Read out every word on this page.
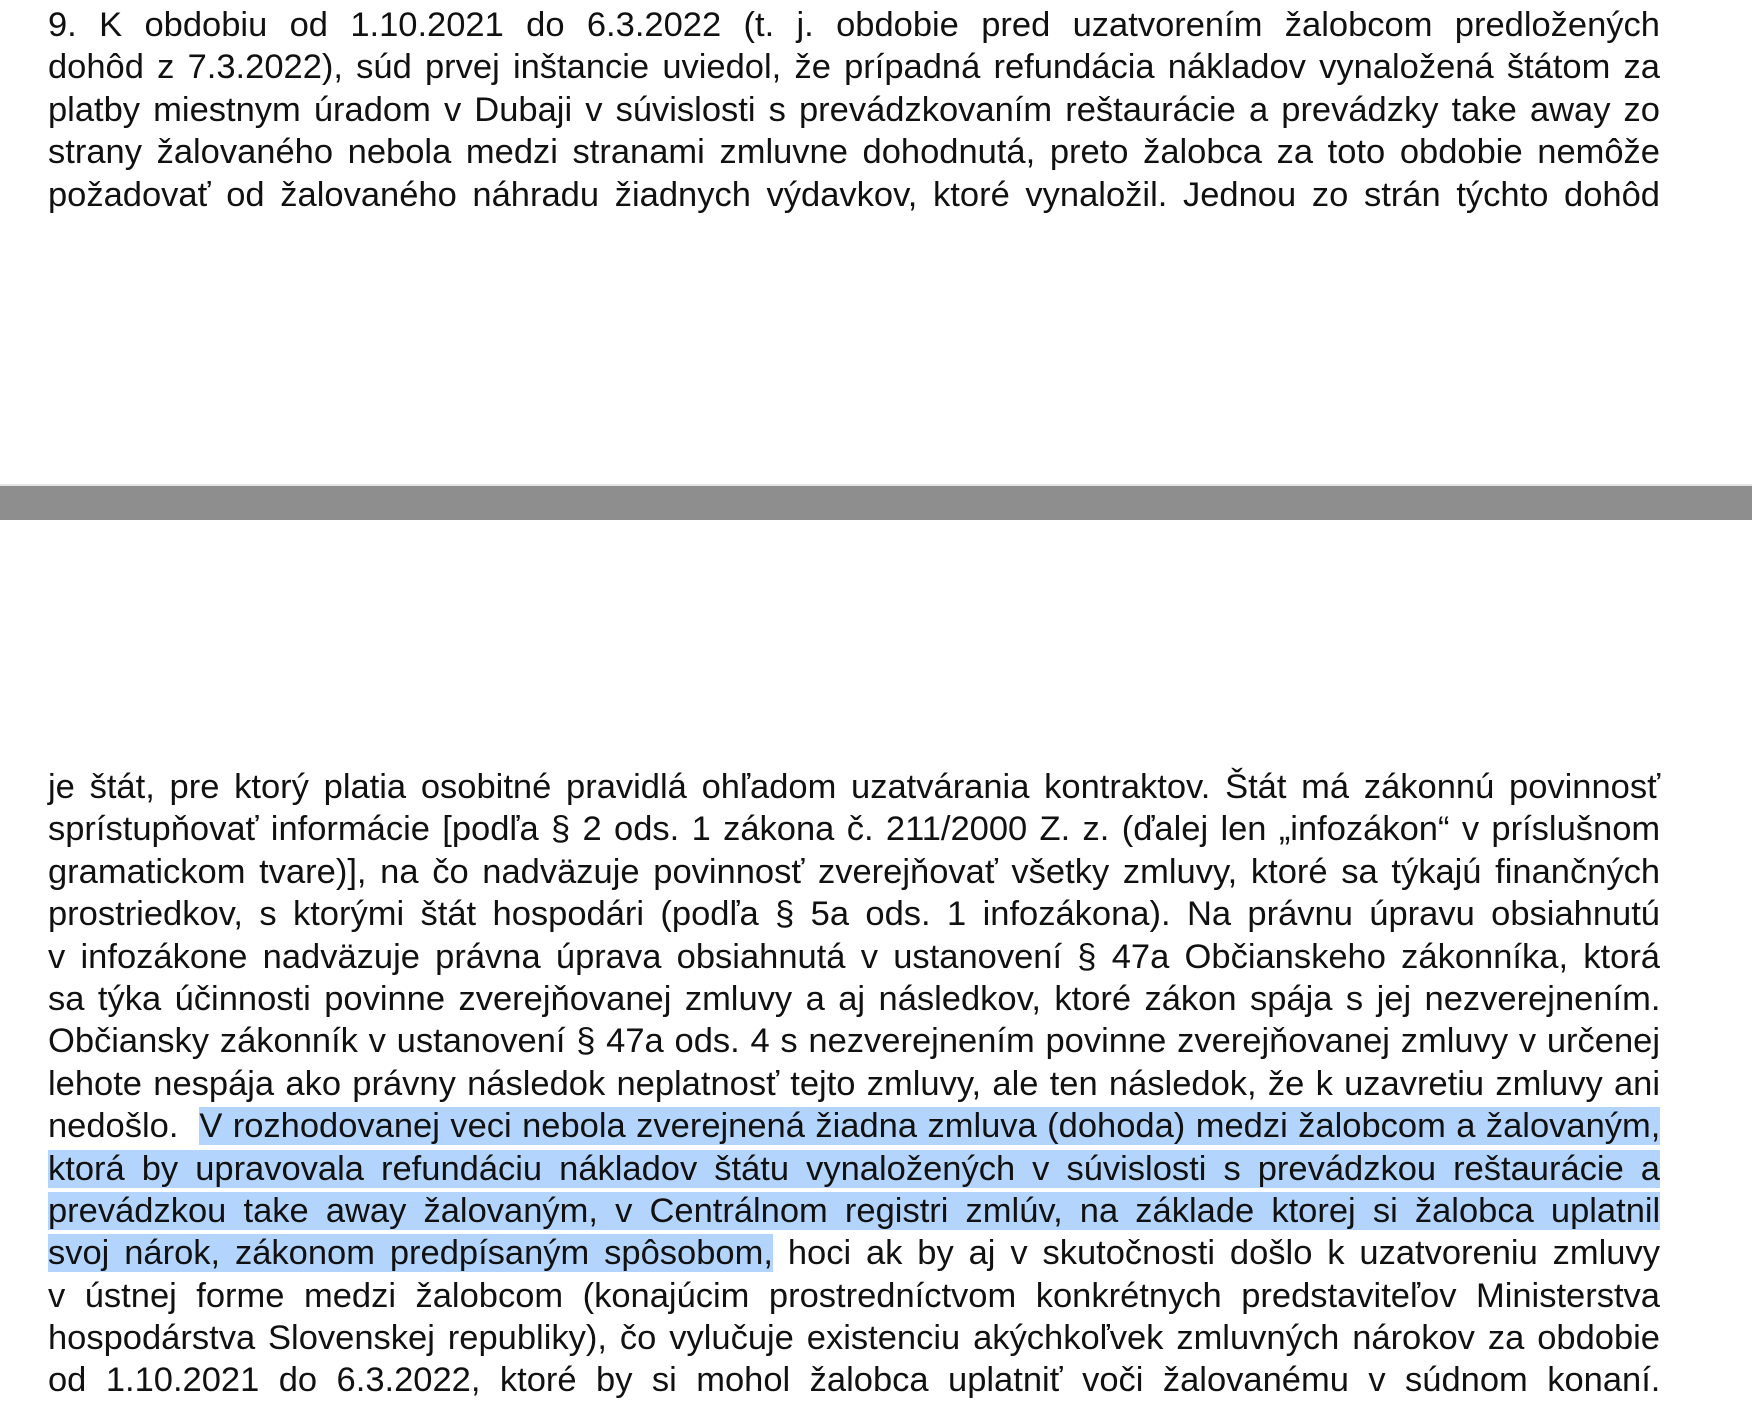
9. K obdobiu od 1.10.2021 do 6.3.2022 (t. j. obdobie pred uzatvorením žalobcom predložených
dohôd z 7.3.2022), súd prvej inštancie uviedol, že prípadná refundácia nákladov vynaložená štátom za
platby miestnym úradom v Dubaji v súvislosti s prevádzkovaním reštaurácie a prevádzky take away zo
strany žalovaného nebola medzi stranami zmluvne dohodnutá, preto žalobca za toto obdobie nemôže
požadovať od žalovaného náhradu žiadnych výdavkov, ktoré vynaložil. Jednou zo strán týchto dohôd
je štát, pre ktorý platia osobitné pravidlá ohľadom uzatvárania kontraktov. Štát má zákonnú povinnosť
sprístupňovať informácie [podľa § 2 ods. 1 zákona č. 211/2000 Z. z. (ďalej len „infozákon“ v príslušnom
gramatickom tvare)], na čo nadväzuje povinnosť zverejňovať všetky zmluvy, ktoré sa týkajú finančných
prostriedkov, s ktorými štát hospodári (podľa § 5a ods. 1 infozákona). Na právnu úpravu obsiahnutú
v infozákone nadväzuje právna úprava obsiahnutá v ustanovení § 47a Občianskeho zákonníka, ktorá
sa týka účinnosti povinne zverejňovanej zmluvy a aj následkov, ktoré zákon spája s jej nezverejnením.
Občiansky zákonník v ustanovení § 47a ods. 4 s nezverejnením povinne zverejňovanej zmluvy v určenej
lehote nespája ako právny následok neplatnosť tejto zmluvy, ale ten následok, že k uzavretiu zmluvy ani
nedošlo.  V rozhodovanej veci nebola zverejnená žiadna zmluva (dohoda) medzi žalobcom a žalovaným,
ktorá by upravovala refundáciu nákladov štátu vynaložených v súvislosti s prevádzkou reštaurácie a
prevádzkou take away žalovaným, v Centrálnom registri zmlúv, na základe ktorej si žalobca uplatnil
svoj nárok, zákonom predpísaným spôsobom, hoci ak by aj v skutočnosti došlo k uzatvoreniu zmluvy
v ústnej forme medzi žalobcom (konajúcim prostredníctvom konkrétnych predstaviteľov Ministerstva
hospodárstva Slovenskej republiky), čo vylučuje existenciu akýchkoľvek zmluvných nárokov za obdobie
od 1.10.2021 do 6.3.2022, ktoré by si mohol žalobca uplatniť voči žalovanému v súdnom konaní.
